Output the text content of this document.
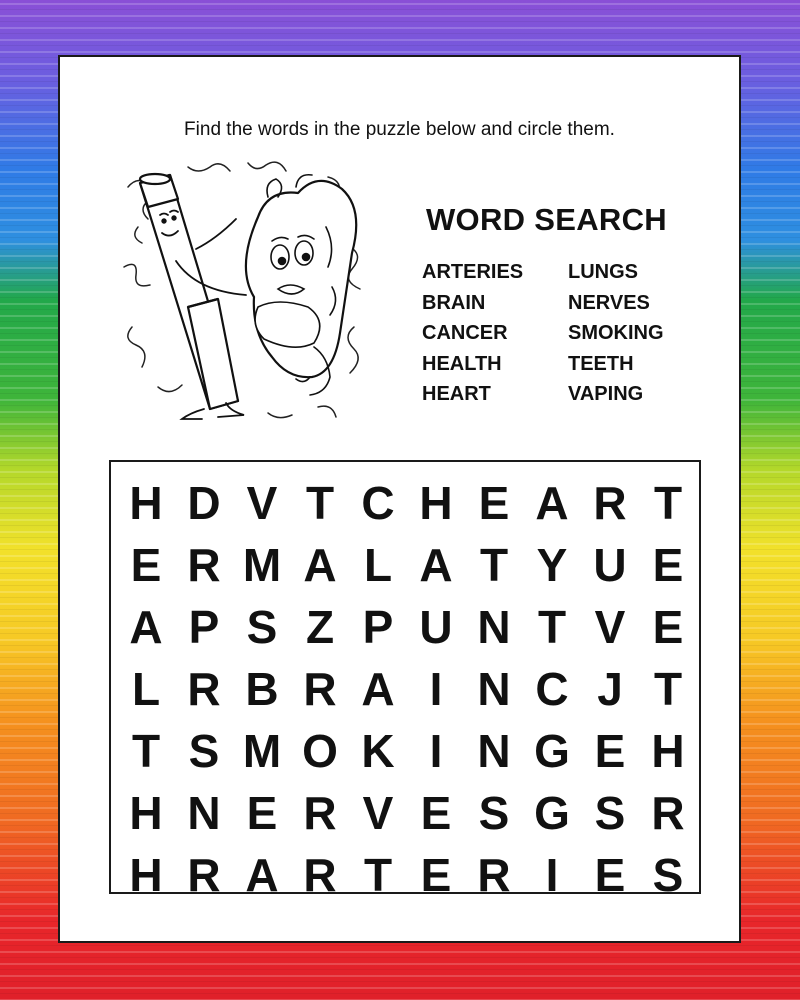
Find the words in the puzzle below and circle them.
WORD SEARCH
ARTERIES
BRAIN
CANCER
HEALTH
HEART
LUNGS
NERVES
SMOKING
TEETH
VAPING
H D V T C H E A R T
E R M A L A T Y U E
A P S Z P U N T V E
L R B R A I N C J T
T S M O K I N G E H
H N E R V E S G S R
H R A R T E R I E S
